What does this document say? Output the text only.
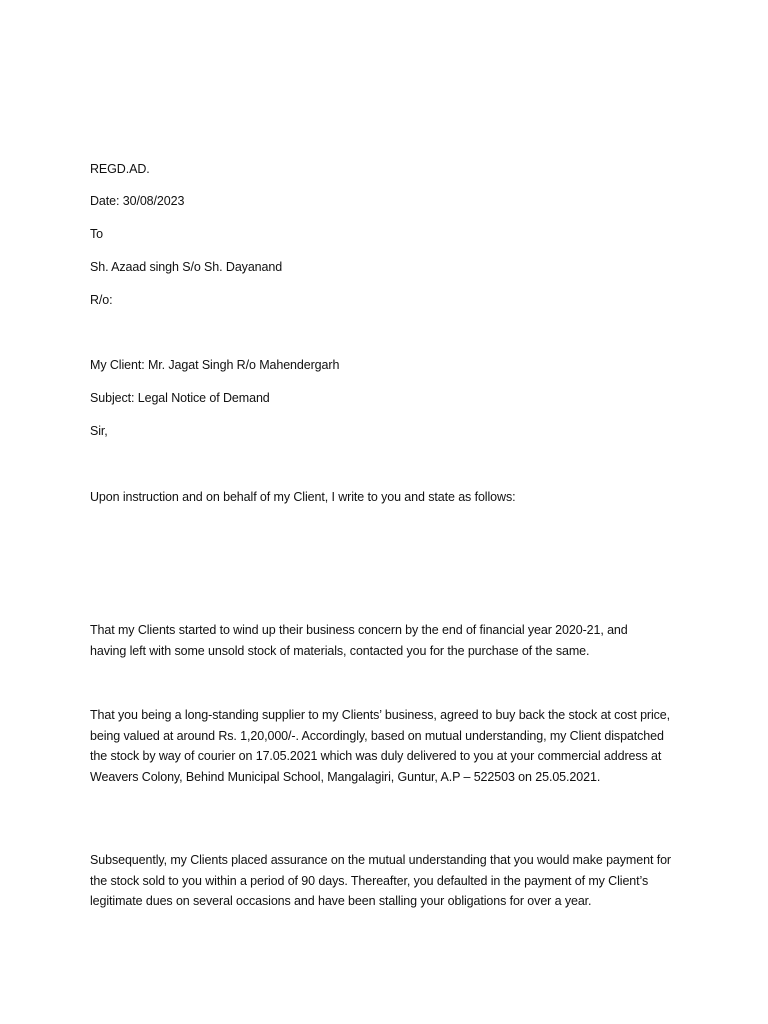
REGD.AD.
Date: 30/08/2023
To
Sh. Azaad singh S/o Sh. Dayanand
R/o:
My Client: Mr. Jagat Singh R/o Mahendergarh
Subject: Legal Notice of Demand
Sir,
Upon instruction and on behalf of my Client, I write to you and state as follows:
That my Clients started to wind up their business concern by the end of financial year 2020-21, and having left with some unsold stock of materials, contacted you for the purchase of the same.
That you being a long-standing supplier to my Clients’ business, agreed to buy back the stock at cost price, being valued at around Rs. 1,20,000/-. Accordingly, based on mutual understanding, my Client dispatched the stock by way of courier on 17.05.2021 which was duly delivered to you at your commercial address at Weavers Colony, Behind Municipal School, Mangalagiri, Guntur, A.P – 522503 on 25.05.2021.
Subsequently, my Clients placed assurance on the mutual understanding that you would make payment for the stock sold to you within a period of 90 days. Thereafter, you defaulted in the payment of my Client’s legitimate dues on several occasions and have been stalling your obligations for over a year.
